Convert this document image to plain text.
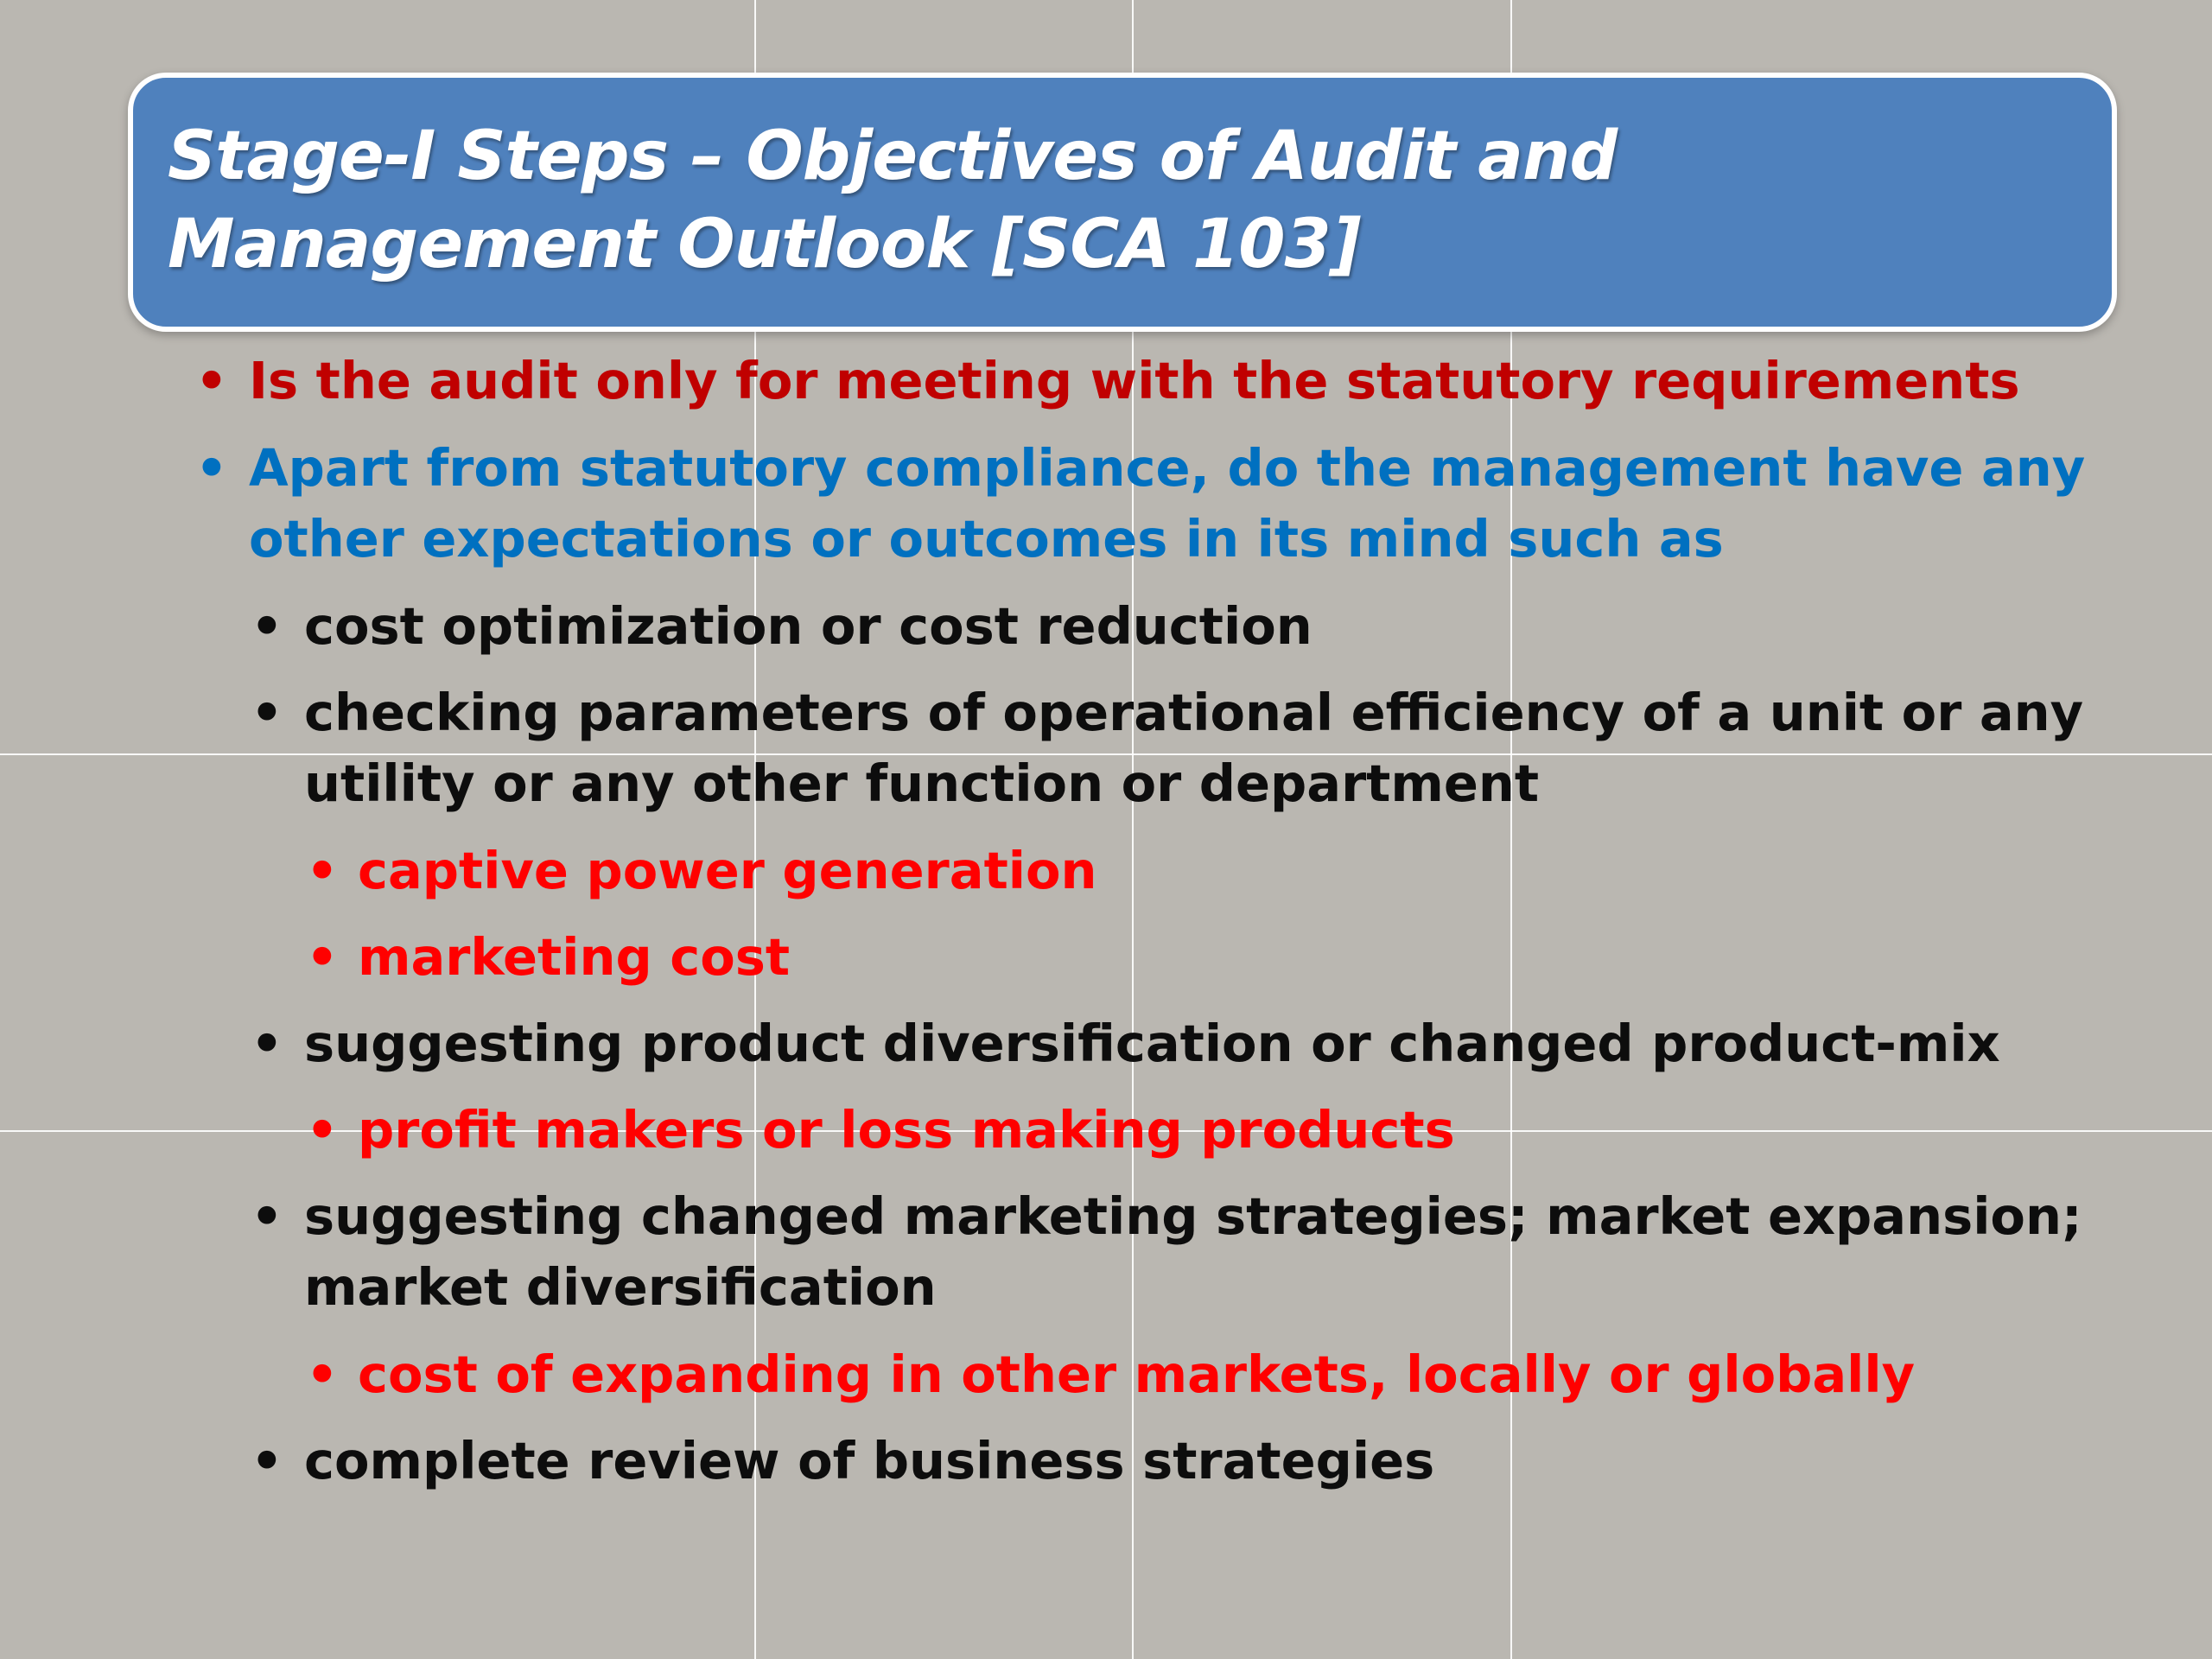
Stage-I Steps – Objectives of Audit and Management Outlook [SCA 103]
• Is the audit only for meeting with the statutory requirements
• Apart from statutory compliance, do the management have any
other expectations or outcomes in its mind such as
• cost optimization or cost reduction
• checking parameters of operational efficiency of a unit or any
utility or any other function or department
• captive power generation
• marketing cost
• suggesting product diversification or changed product-mix
• profit makers or loss making products
• suggesting changed marketing strategies; market expansion;
market diversification
• cost of expanding in other markets, locally or globally
• complete review of business strategies
